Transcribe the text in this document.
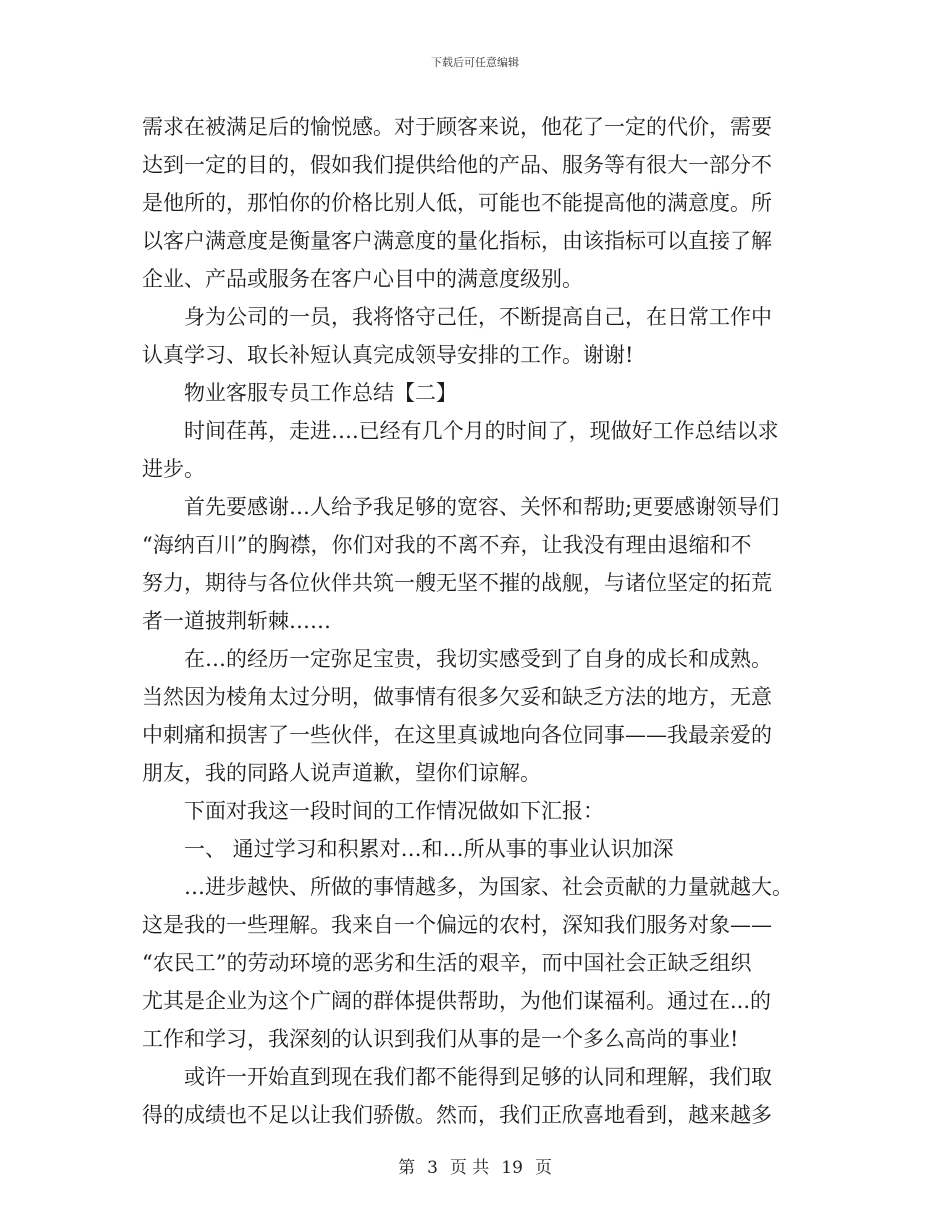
下载后可任意编辑
需求在被满足后的愉悦感。对于顾客来说，他花了一定的代价，需要
达到一定的目的，假如我们提供给他的产品、服务等有很大一部分不
是他所的，那怕你的价格比别人低，可能也不能提高他的满意度。所
以客户满意度是衡量客户满意度的量化指标，由该指标可以直接了解
企业、产品或服务在客户心目中的满意度级别。
身为公司的一员，我将恪守己任，不断提高自己，在日常工作中
认真学习、取长补短认真完成领导安排的工作。谢谢!
物业客服专员工作总结【二】
时间荏苒，走进….已经有几个月的时间了，现做好工作总结以求
进步。
首先要感谢…人给予我足够的宽容、关怀和帮助;更要感谢领导们
“海纳百川”的胸襟，你们对我的不离不弃，让我没有理由退缩和不
努力，期待与各位伙伴共筑一艘无坚不摧的战舰，与诸位坚定的拓荒
者一道披荆斩棘……
在…的经历一定弥足宝贵，我切实感受到了自身的成长和成熟。
当然因为棱角太过分明，做事情有很多欠妥和缺乏方法的地方，无意
中刺痛和损害了一些伙伴，在这里真诚地向各位同事——我最亲爱的
朋友，我的同路人说声道歉，望你们谅解。
下面对我这一段时间的工作情况做如下汇报：
一、 通过学习和积累对…和…所从事的事业认识加深
…进步越快、所做的事情越多，为国家、社会贡献的力量就越大。
这是我的一些理解。我来自一个偏远的农村，深知我们服务对象——
“农民工”的劳动环境的恶劣和生活的艰辛，而中国社会正缺乏组织
尤其是企业为这个广阔的群体提供帮助，为他们谋福利。通过在...的
工作和学习，我深刻的认识到我们从事的是一个多么高尚的事业!
或许一开始直到现在我们都不能得到足够的认同和理解，我们取
得的成绩也不足以让我们骄傲。然而，我们正欣喜地看到，越来越多
第 3 页 共 19 页
